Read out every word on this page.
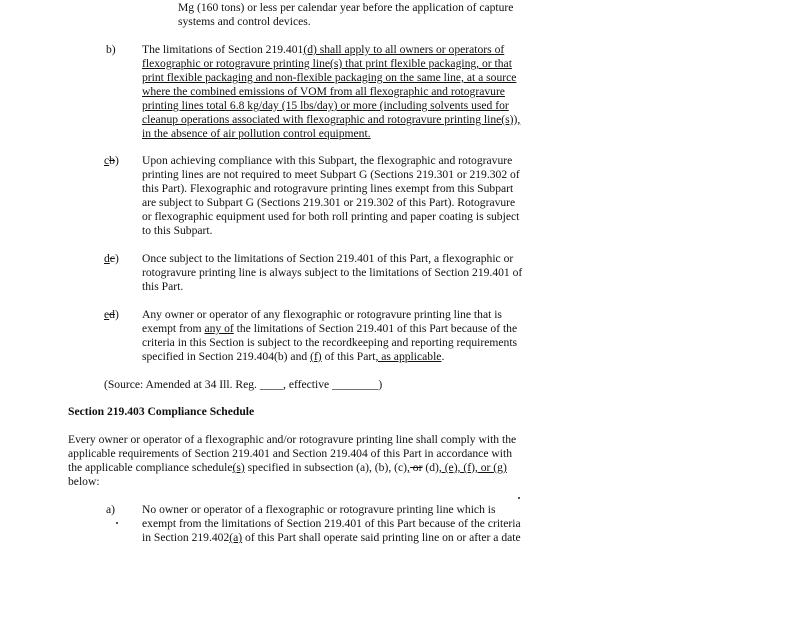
Mg (160 tons) or less per calendar year before the application of capture
systems and control devices.
b) The limitations of Section 219.401(d) shall apply to all owners or operators of
flexographic or rotogravure printing line(s) that print flexible packaging, or that
print flexible packaging and non-flexible packaging on the same line, at a source
where the combined emissions of VOM from all flexographic and rotogravure
printing lines total 6.8 kg/day (15 lbs/day) or more (including solvents used for
cleanup operations associated with flexographic and rotogravure printing line(s)),
in the absence of air pollution control equipment.
cb) Upon achieving compliance with this Subpart, the flexographic and rotogravure
printing lines are not required to meet Subpart G (Sections 219.301 or 219.302 of
this Part). Flexographic and rotogravure printing lines exempt from this Subpart
are subject to Subpart G (Sections 219.301 or 219.302 of this Part). Rotogravure
or flexographic equipment used for both roll printing and paper coating is subject
to this Subpart.
dc) Once subject to the limitations of Section 219.401 of this Part, a flexographic or
rotogravure printing line is always subject to the limitations of Section 219.401 of
this Part.
ed) Any owner or operator of any flexographic or rotogravure printing line that is
exempt from any of the limitations of Section 219.401 of this Part because of the
criteria in this Section is subject to the recordkeeping and reporting requirements
specified in Section 219.404(b) and (f) of this Part, as applicable.
(Source: Amended at 34 Ill. Reg. ____, effective ________)
Section 219.403 Compliance Schedule
Every owner or operator of a flexographic and/or rotogravure printing line shall comply with the
applicable requirements of Section 219.401 and Section 219.404 of this Part in accordance with
the applicable compliance schedule(s) specified in subsection (a), (b), (c), or (d), (e), (f), or (g)
below:
a) No owner or operator of a flexographic or rotogravure printing line which is
exempt from the limitations of Section 219.401 of this Part because of the criteria
in Section 219.402(a) of this Part shall operate said printing line on or after a date
